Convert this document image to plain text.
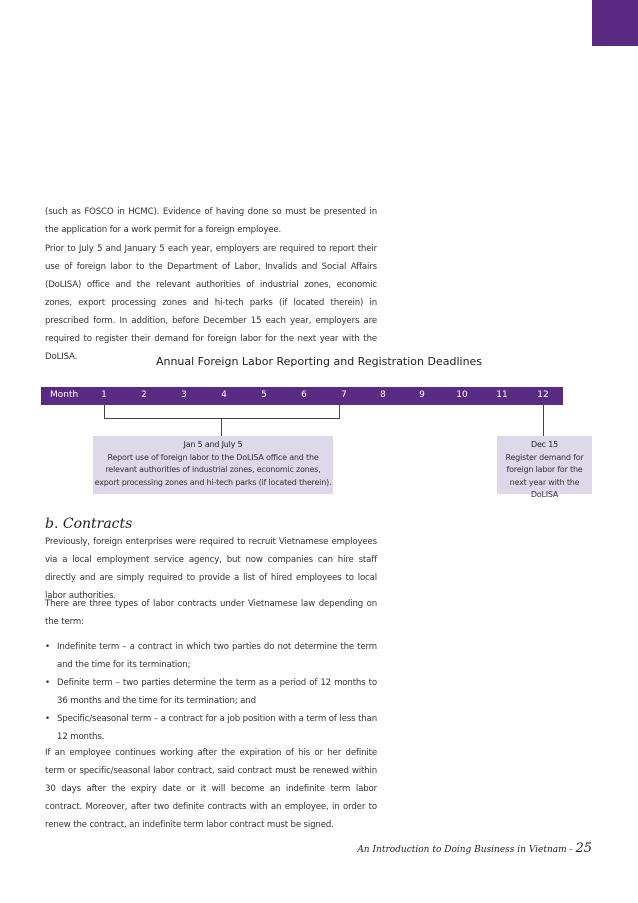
(such as FOSCO in HCMC). Evidence of having done so must be presented in the application for a work permit for a foreign employee.

Prior to July 5 and January 5 each year, employers are required to report their use of foreign labor to the Department of Labor, Invalids and Social Affairs (DoLISA) office and the relevant authorities of industrial zones, economic zones, export processing zones and hi-tech parks (if located therein) in prescribed form. In addition, before December 15 each year, employers are required to register their demand for foreign labor for the next year with the DoLISA.	Annual Foreign Labor Reporting and Registration Deadlines
Month	1	2	3	4	5	6	7	8	9	10	11	12
Jan 5 and July 5
Report use of foreign labor to the DoLISA office and the relevant authorities of industrial zones, economic zones, export processing zones and hi-tech parks (if located therein).
Dec 15
Register demand for foreign labor for the next year with the DoLISA
b. Contracts

Previously, foreign enterprises were required to recruit Vietnamese employees via a local employment service agency, but now companies can hire staff directly and are simply required to provide a list of hired employees to local labor authorities.

There are three types of labor contracts under Vietnamese law depending on the term:

• Indefinite term – a contract in which two parties do not determine the term and the time for its termination;
• Definite term – two parties determine the term as a period of 12 months to 36 months and the time for its termination; and
• Specific/seasonal term – a contract for a job position with a term of less than 12 months.

If an employee continues working after the expiration of his or her definite term or specific/seasonal labor contract, said contract must be renewed within 30 days after the expiry date or it will become an indefinite term labor contract. Moreover, after two definite contracts with an employee, in order to renew the contract, an indefinite term labor contract must be signed.

An Introduction to Doing Business in Vietnam - 25
